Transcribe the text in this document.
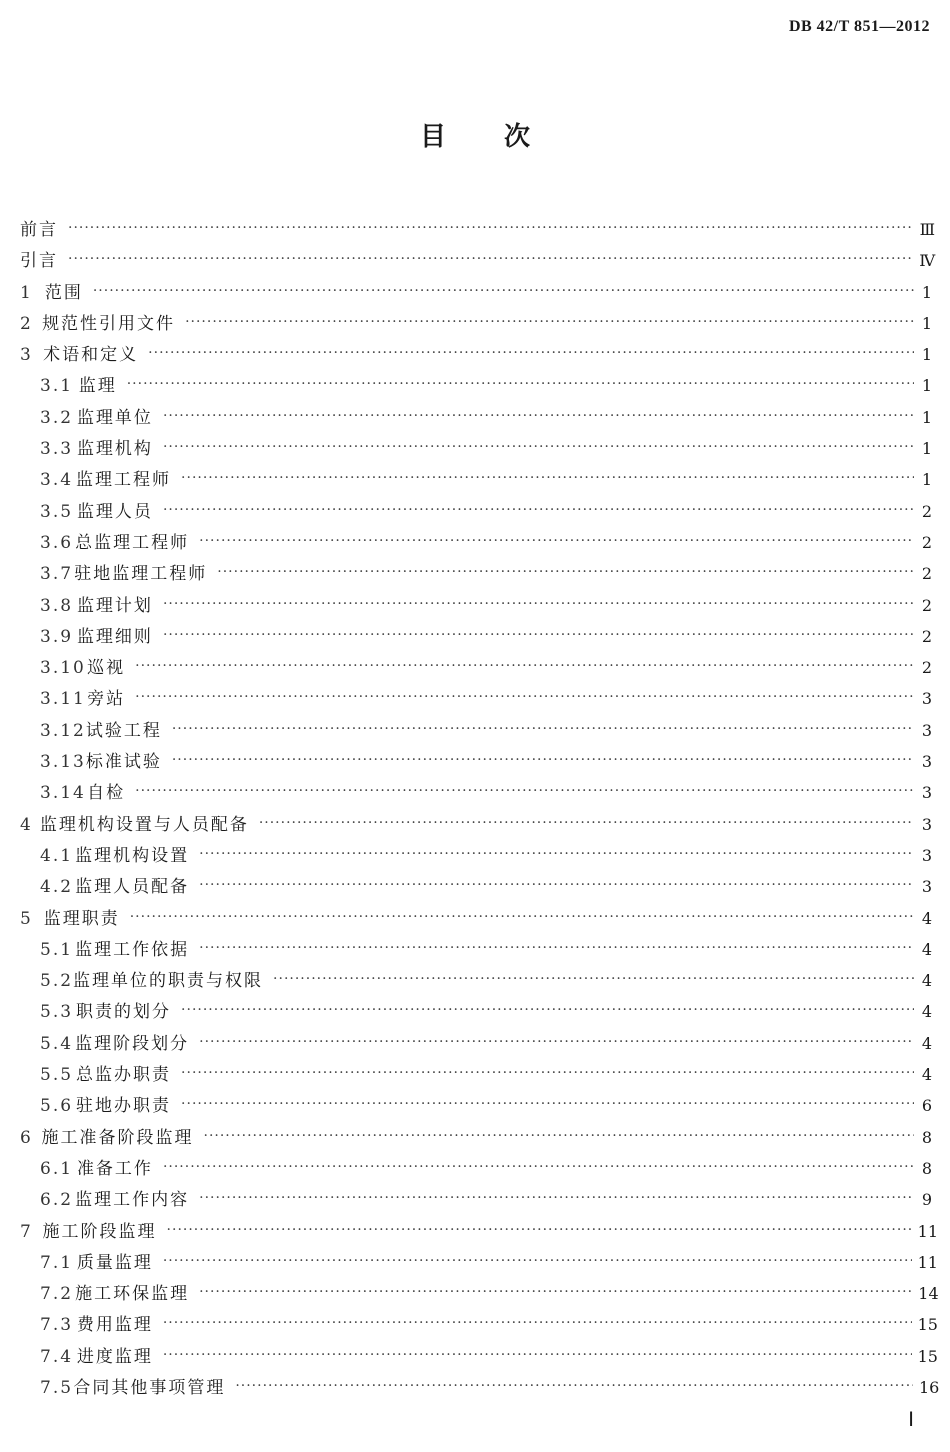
DB 42/T 851—2012
目次
前言 ·····	Ⅲ
引言 ·····	Ⅳ
1 范围 ·····	1
2 规范性引用文件 ·····	1
3 术语和定义 ·····	1
3.1 监理 ·····	1
3.2 监理单位 ·····	1
3.3 监理机构 ·····	1
3.4 监理工程师 ·····	1
3.5 监理人员 ·····	2
3.6 总监理工程师 ·····	2
3.7 驻地监理工程师 ·····	2
3.8 监理计划 ·····	2
3.9 监理细则 ·····	2
3.10 巡视 ·····	2
3.11 旁站 ·····	3
3.12 试验工程 ·····	3
3.13 标准试验 ·····	3
3.14 自检 ·····	3
4 监理机构设置与人员配备 ·····	3
4.1 监理机构设置 ·····	3
4.2 监理人员配备 ·····	3
5 监理职责 ·····	4
5.1 监理工作依据 ·····	4
5.2 监理单位的职责与权限 ·····	4
5.3 职责的划分 ·····	4
5.4 监理阶段划分 ·····	4
5.5 总监办职责 ·····	4
5.6 驻地办职责 ·····	6
6 施工准备阶段监理 ·····	8
6.1 准备工作 ·····	8
6.2 监理工作内容 ·····	9
7 施工阶段监理 ·····	11
7.1 质量监理 ·····	11
7.2 施工环保监理 ·····	14
7.3 费用监理 ·····	15
7.4 进度监理 ·····	15
7.5 合同其他事项管理 ·····	16
Ⅰ
